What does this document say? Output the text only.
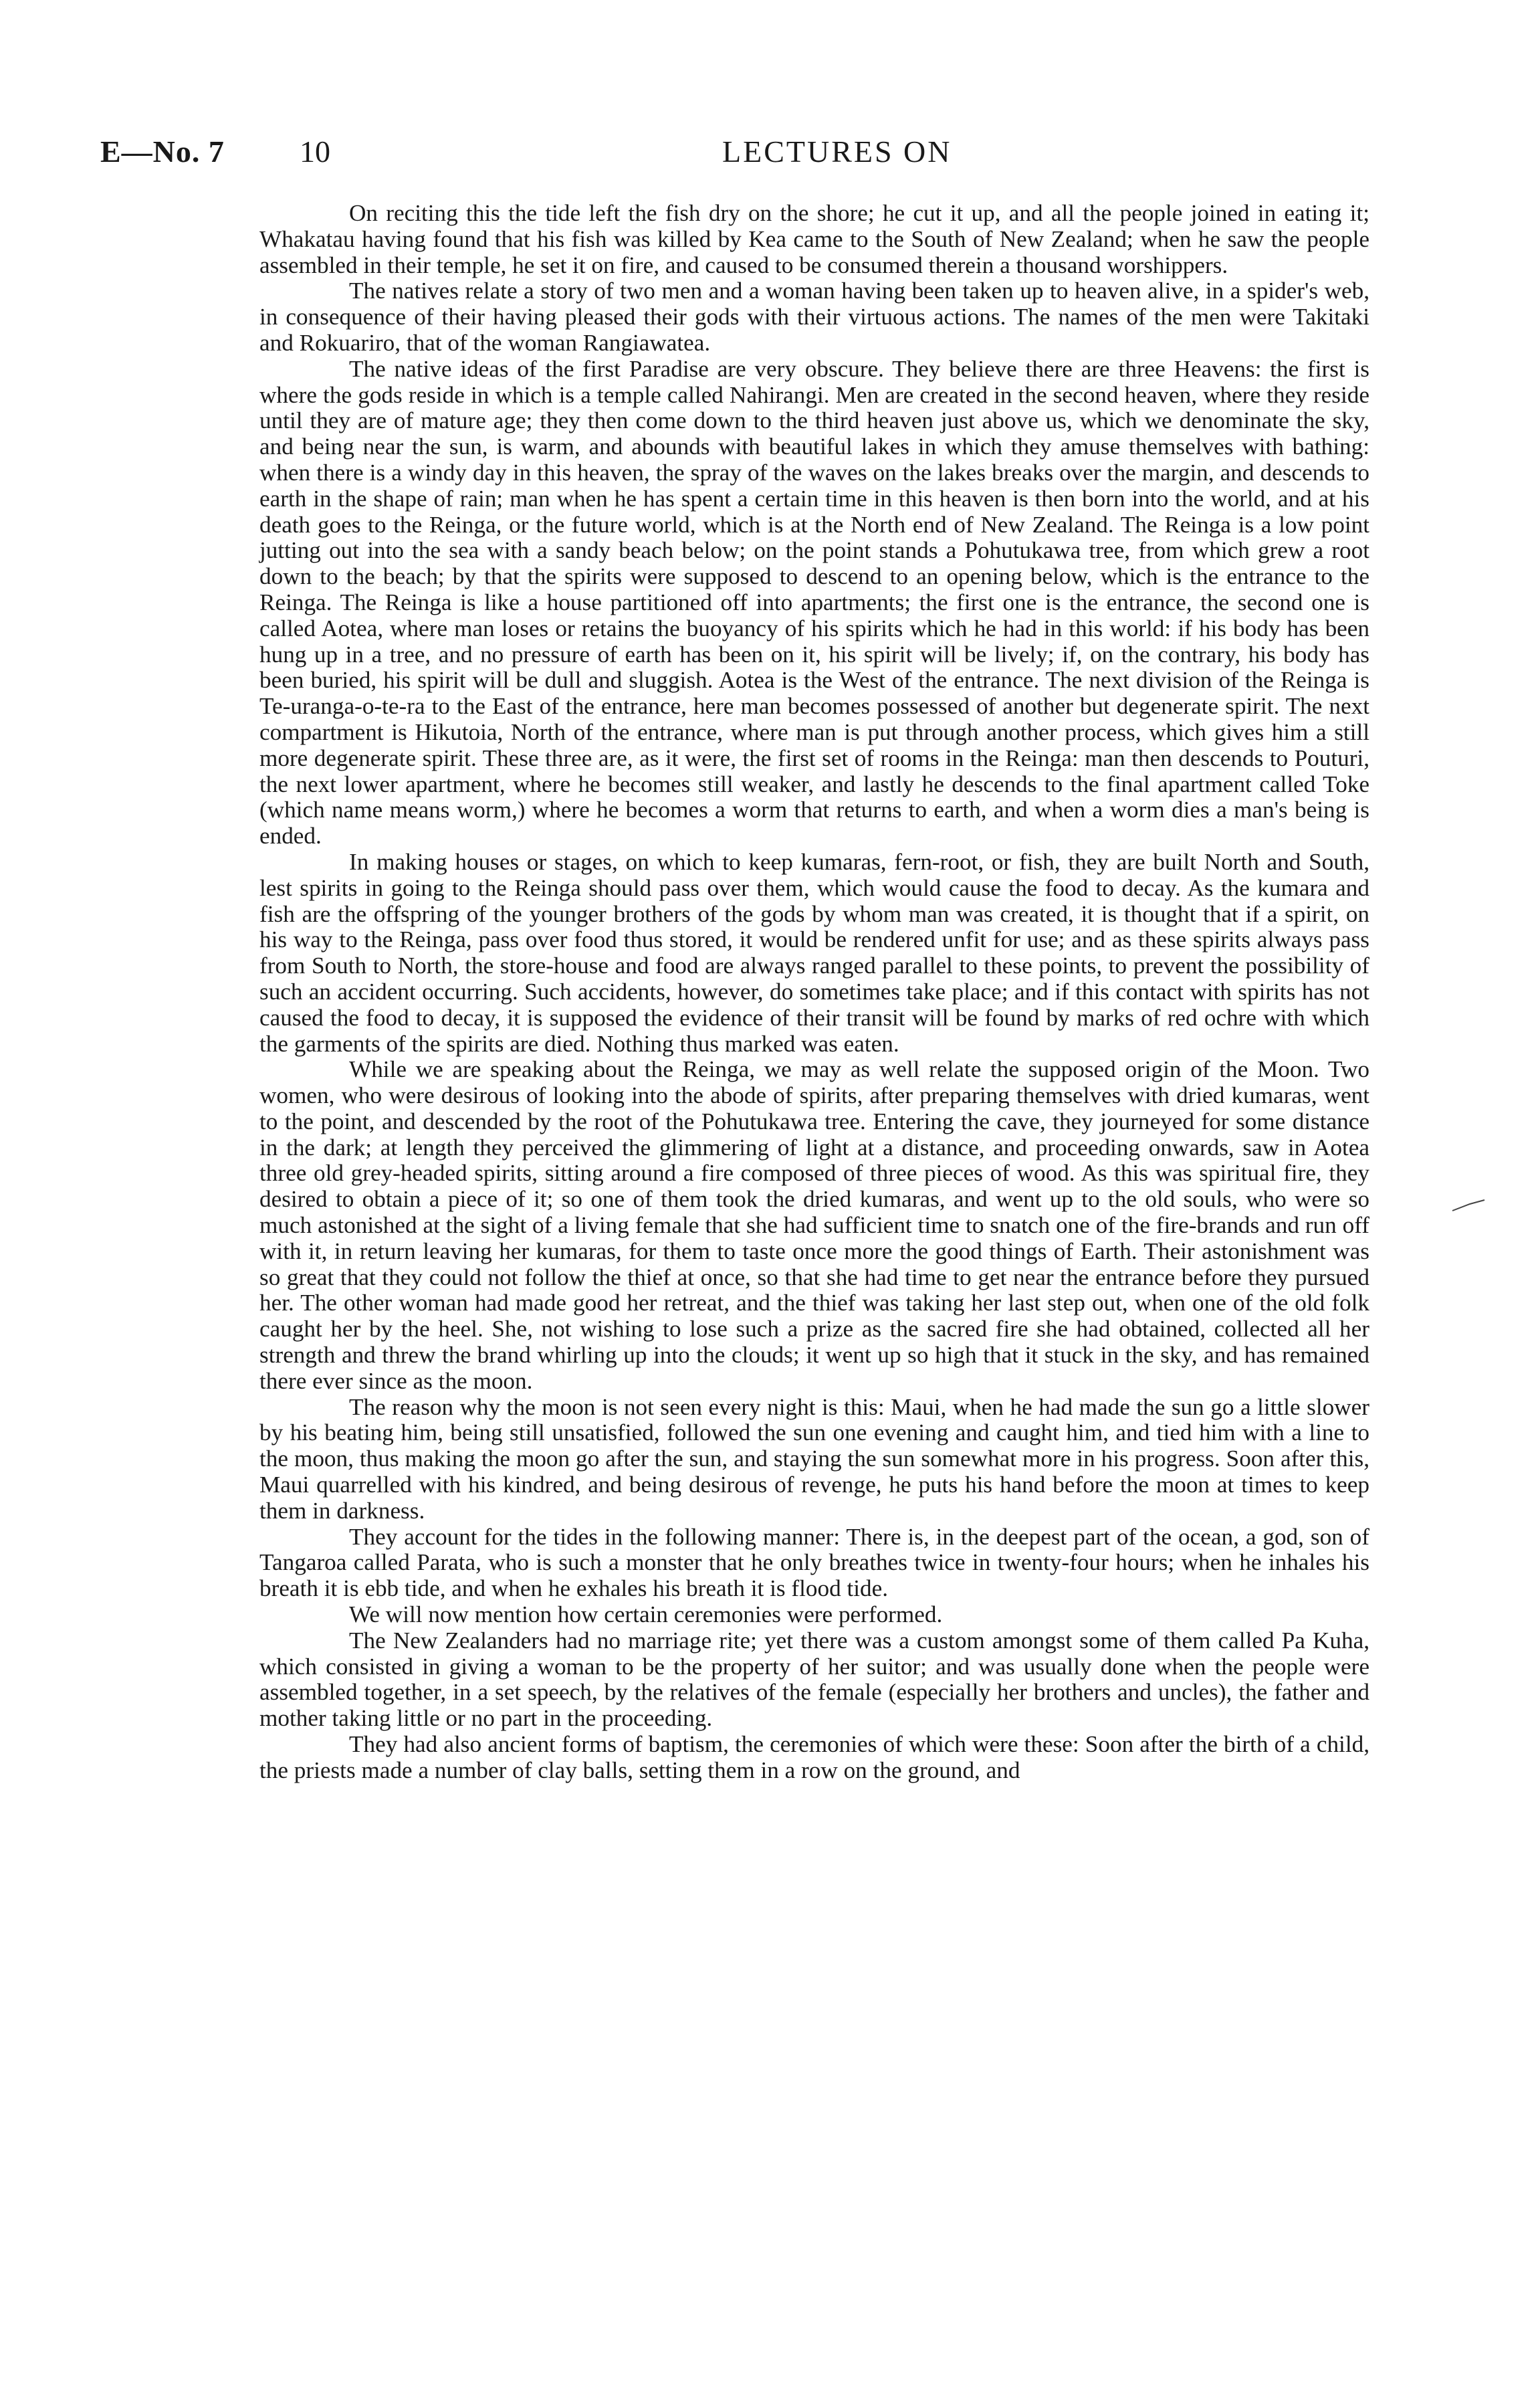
E—No. 7 10	LECTURES ON

On reciting this the tide left the fish dry on the shore; he cut it up, and all the people joined in eating it; Whakatau having found that his fish was killed by Kea came to the South of New Zealand; when he saw the people assembled in their temple, he set it on fire, and caused to be consumed therein a thousand worshippers.

The natives relate a story of two men and a woman having been taken up to heaven alive, in a spider's web, in consequence of their having pleased their gods with their virtuous actions. The names of the men were Takitaki and Rokuariro, that of the woman Rangiawatea.

The native ideas of the first Paradise are very obscure. They believe there are three Heavens: the first is where the gods reside in which is a temple called Nahirangi. Men are created in the second heaven, where they reside until they are of mature age; they then come down to the third heaven just above us, which we denominate the sky, and being near the sun, is warm, and abounds with beautiful lakes in which they amuse themselves with bathing: when there is a windy day in this heaven, the spray of the waves on the lakes breaks over the margin, and descends to earth in the shape of rain; man when he has spent a certain time in this heaven is then born into the world, and at his death goes to the Reinga, or the future world, which is at the North end of New Zealand. The Reinga is a low point jutting out into the sea with a sandy beach below; on the point stands a Pohutukawa tree, from which grew a root down to the beach; by that the spirits were supposed to descend to an opening below, which is the entrance to the Reinga. The Reinga is like a house partitioned off into apartments; the first one is the entrance, the second one is called Aotea, where man loses or retains the buoyancy of his spirits which he had in this world: if his body has been hung up in a tree, and no pressure of earth has been on it, his spirit will be lively; if, on the contrary, his body has been buried, his spirit will be dull and sluggish. Aotea is the West of the entrance. The next division of the Reinga is Te-uranga-o-te-ra to the East of the entrance, here man becomes possessed of another but degenerate spirit. The next compartment is Hikutoia, North of the entrance, where man is put through another process, which gives him a still more degenerate spirit. These three are, as it were, the first set of rooms in the Reinga: man then descends to Pouturi, the next lower apartment, where he becomes still weaker, and lastly he descends to the final apartment called Toke (which name means worm,) where he becomes a worm that returns to earth, and when a worm dies a man's being is ended.

In making houses or stages, on which to keep kumaras, fern-root, or fish, they are built North and South, lest spirits in going to the Reinga should pass over them, which would cause the food to decay. As the kumara and fish are the offspring of the younger brothers of the gods by whom man was created, it is thought that if a spirit, on his way to the Reinga, pass over food thus stored, it would be rendered unfit for use; and as these spirits always pass from South to North, the store-house and food are always ranged parallel to these points, to prevent the possibility of such an accident occurring. Such accidents, however, do sometimes take place; and if this contact with spirits has not caused the food to decay, it is supposed the evidence of their transit will be found by marks of red ochre with which the garments of the spirits are died. Nothing thus marked was eaten.

While we are speaking about the Reinga, we may as well relate the supposed origin of the Moon. Two women, who were desirous of looking into the abode of spirits, after preparing themselves with dried kumaras, went to the point, and descended by the root of the Pohutukawa tree. Entering the cave, they journeyed for some distance in the dark; at length they perceived the glimmering of light at a distance, and proceeding onwards, saw in Aotea three old grey-headed spirits, sitting around a fire composed of three pieces of wood. As this was spiritual fire, they desired to obtain a piece of it; so one of them took the dried kumaras, and went up to the old souls, who were so much astonished at the sight of a living female that she had sufficient time to snatch one of the fire-brands and run off with it, in return leaving her kumaras, for them to taste once more the good things of Earth. Their astonishment was so great that they could not follow the thief at once, so that she had time to get near the entrance before they pursued her. The other woman had made good her retreat, and the thief was taking her last step out, when one of the old folk caught her by the heel. She, not wishing to lose such a prize as the sacred fire she had obtained, collected all her strength and threw the brand whirling up into the clouds; it went up so high that it stuck in the sky, and has remained there ever since as the moon.

The reason why the moon is not seen every night is this: Maui, when he had made the sun go a little slower by his beating him, being still unsatisfied, followed the sun one evening and caught him, and tied him with a line to the moon, thus making the moon go after the sun, and staying the sun somewhat more in his progress. Soon after this, Maui quarrelled with his kindred, and being desirous of revenge, he puts his hand before the moon at times to keep them in darkness.

They account for the tides in the following manner: There is, in the deepest part of the ocean, a god, son of Tangaroa called Parata, who is such a monster that he only breathes twice in twenty-four hours; when he inhales his breath it is ebb tide, and when he exhales his breath it is flood tide.

We will now mention how certain ceremonies were performed.

The New Zealanders had no marriage rite; yet there was a custom amongst some of them called Pa Kuha, which consisted in giving a woman to be the property of her suitor; and was usually done when the people were assembled together, in a set speech, by the relatives of the female (especially her brothers and uncles), the father and mother taking little or no part in the proceeding.

They had also ancient forms of baptism, the ceremonies of which were these: Soon after the birth of a child, the priests made a number of clay balls, setting them in a row on the ground, and
